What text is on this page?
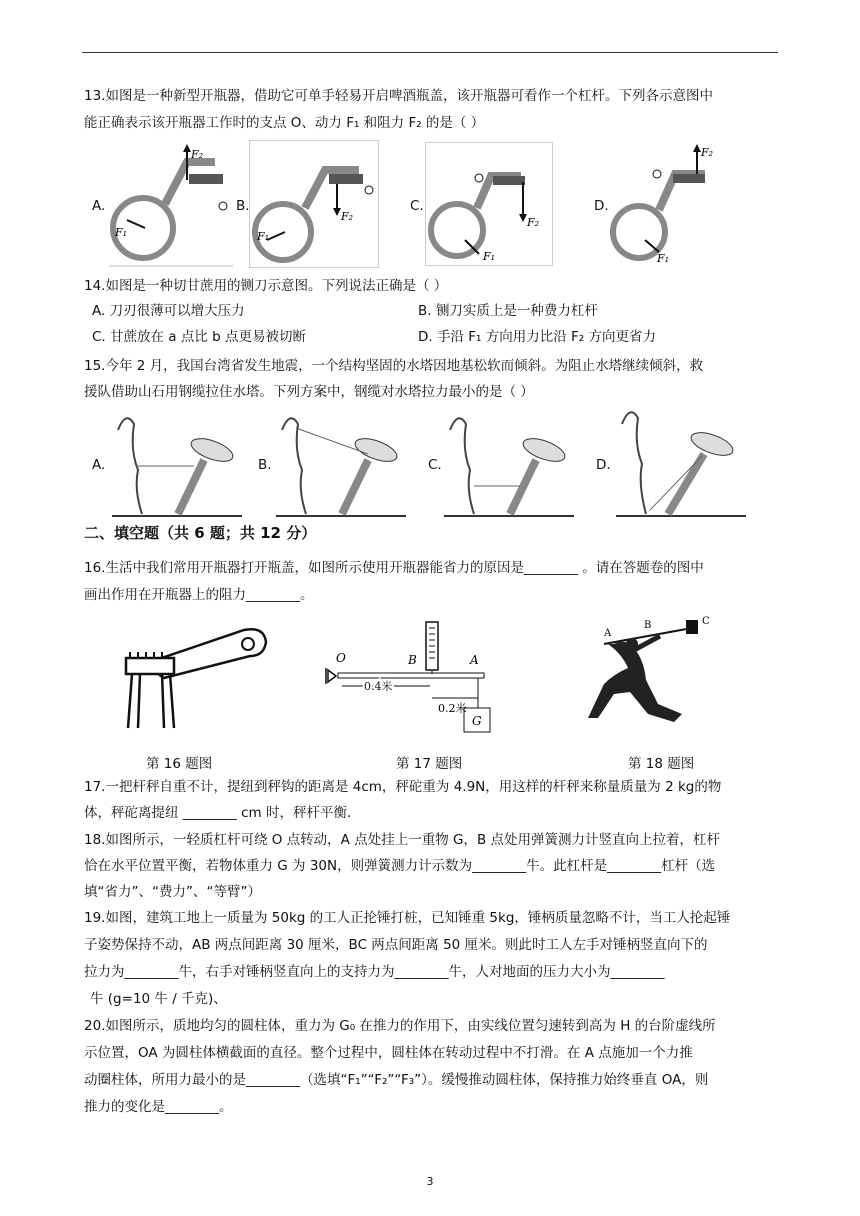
13.如图是一种新型开瓶器，借助它可单手轻易开启啤酒瓶盖，该开瓶器可看作一个杠杆。下列各示意图中
能正确表示该开瓶器工作时的支点 O、动力 F₁ 和阻力 F₂ 的是（ ）
A.	B.	C.	D.
F₂
F₁
F₂
F₁
F₂
F₁
F₂
F₁
14.如图是一种切甘蔗用的铡刀示意图。下列说法正确是（ ）
A. 刀刃很薄可以增大压力	B. 铡刀实质上是一种费力杠杆
C. 甘蔗放在 a 点比 b 点更易被切断	D. 手沿 F₁ 方向用力比沿 F₂ 方向更省力
15.今年 2 月，我国台湾省发生地震，一个结构坚固的水塔因地基松软而倾斜。为阻止水塔继续倾斜，救
援队借助山石用钢缆拉住水塔。下列方案中，钢缆对水塔拉力最小的是（ ）
A.	B.	C.	D.
二、填空题（共 6 题；共 12 分）
16.生活中我们常用开瓶器打开瓶盖，如图所示使用开瓶器能省力的原因是________ 。请在答题卷的图中
画出作用在开瓶器上的阻力________。
O	B	A
G
0.4米
0.2米
A
B	C
第 16 题图	第 17 题图	第 18 题图
17.一把杆秤自重不计，提纽到秤钩的距离是 4cm，秤砣重为 4.9N，用这样的杆秤来称量质量为 2 kg的物
体，秤砣离提纽 ________ cm 时，秤杆平衡.
18.如图所示，一轻质杠杆可绕 O 点转动，A 点处挂上一重物 G，B 点处用弹簧测力计竖直向上拉着，杠杆
恰在水平位置平衡，若物体重力 G 为 30N，则弹簧测力计示数为________牛。此杠杆是________杠杆（选
填“省力”、“费力”、“等臂”）
19.如图，建筑工地上一质量为 50kg 的工人正抡锤打桩，已知锤重 5kg，锤柄质量忽略不计，当工人抡起锤
子姿势保持不动，AB 两点间距离 30 厘米，BC 两点间距离 50 厘米。则此时工人左手对锤柄竖直向下的
拉力为________牛，右手对锤柄竖直向上的支持力为________牛，人对地面的压力大小为________
牛 (g=10 牛 / 千克)、
20.如图所示，质地均匀的圆柱体，重力为 G₀ 在推力的作用下，由实线位置匀速转到高为 H 的台阶虚线所
示位置，OA 为圆柱体横截面的直径。整个过程中，圆柱体在转动过程中不打滑。在 A 点施加一个力推
动圈柱体，所用力最小的是________（选填“F₁”“F₂”“F₃”）。缓慢推动圆柱体，保持推力始终垂直 OA，则
推力的变化是________。
3
